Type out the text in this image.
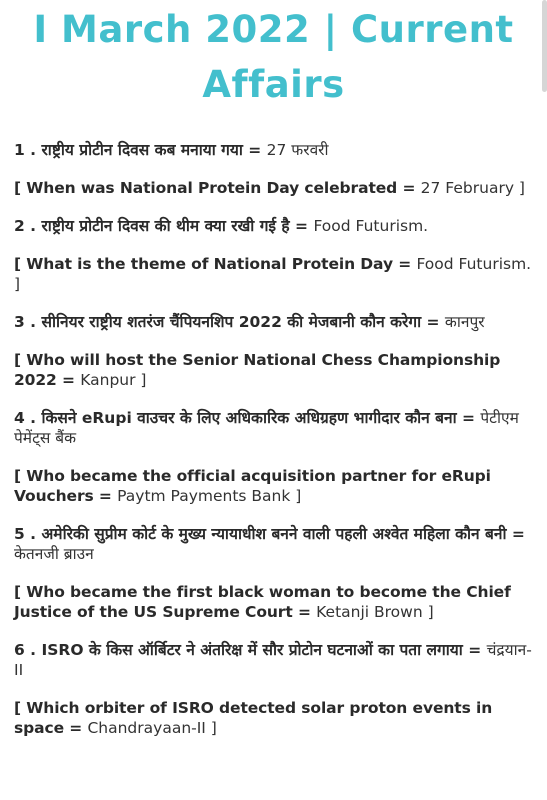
I March 2022 | Current Affairs

1 . राष्ट्रीय प्रोटीन दिवस कब मनाया गया = 27 फरवरी

[ When was National Protein Day celebrated = 27 February ]

2 . राष्ट्रीय प्रोटीन दिवस की थीम क्या रखी गई है = Food Futurism.

[ What is the theme of National Protein Day = Food Futurism. ]

3 . सीनियर राष्ट्रीय शतरंज चैंपियनशिप 2022 की मेजबानी कौन करेगा = कानपुर

[ Who will host the Senior National Chess Championship 2022 = Kanpur ]

4 . किसने eRupi वाउचर के लिए अधिकारिक अधिग्रहण भागीदार कौन बना = पेटीएम पेमेंट्स बैंक

[ Who became the official acquisition partner for eRupi Vouchers = Paytm Payments Bank ]

5 . अमेरिकी सुप्रीम कोर्ट के मुख्य न्यायाधीश बनने वाली पहली अश्वेत महिला कौन बनी = केतनजी ब्राउन

[ Who became the first black woman to become the Chief Justice of the US Supreme Court = Ketanji Brown ]

6 . ISRO के किस ऑर्बिटर ने अंतरिक्ष में सौर प्रोटोन घटनाओं का पता लगाया = चंद्रयान-II

[ Which orbiter of ISRO detected solar proton events in space = Chandrayaan-II ]
